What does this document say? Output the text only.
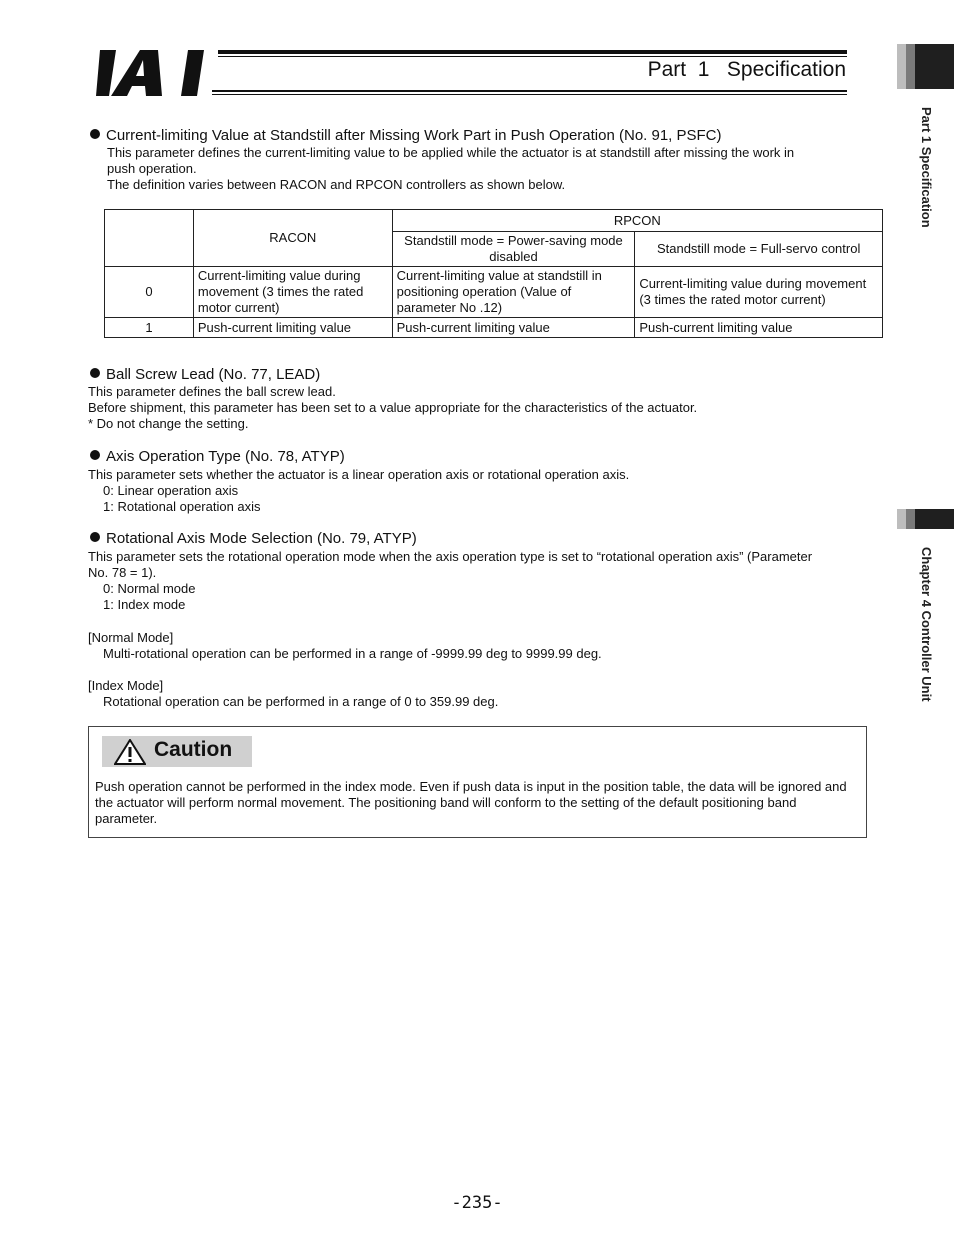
Part  1   Specification
Part 1 Specification
Chapter 4 Controller Unit
Current-limiting Value at Standstill after Missing Work Part in Push Operation (No. 91, PSFC)

This parameter defines the current-limiting value to be applied while the actuator is at standstill after missing the work in

push operation.

The definition varies between RACON and RPCON controllers as shown below.

	RACON	RPCON	
		Standstill mode = Power-saving mode disabled	Standstill mode = Full-servo control
0	Current-limiting value during movement (3 times the rated motor current)	Current-limiting value at standstill in positioning operation (Value of parameter No .12)	Current-limiting value during movement (3 times the rated motor current)
1	Push-current limiting value	Push-current limiting value	Push-current limiting value
Ball Screw Lead (No. 77, LEAD)

This parameter defines the ball screw lead.

Before shipment, this parameter has been set to a value appropriate for the characteristics of the actuator.

* Do not change the setting.

Axis Operation Type (No. 78, ATYP)

This parameter sets whether the actuator is a linear operation axis or rotational operation axis.

0: Linear operation axis

1: Rotational operation axis

Rotational Axis Mode Selection (No. 79, ATYP)

This parameter sets the rotational operation mode when the axis operation type is set to “rotational operation axis” (Parameter

No. 78 = 1).

0: Normal mode

1: Index mode

[Normal Mode]

Multi-rotational operation can be performed in a range of -9999.99 deg to 9999.99 deg.

[Index Mode]

Rotational operation can be performed in a range of 0 to 359.99 deg.

Caution
Push operation cannot be performed in the index mode. Even if push data is input in the position table, the data will be ignored and the actuator will perform normal movement. The positioning band will conform to the setting of the default positioning band parameter.
-235-
